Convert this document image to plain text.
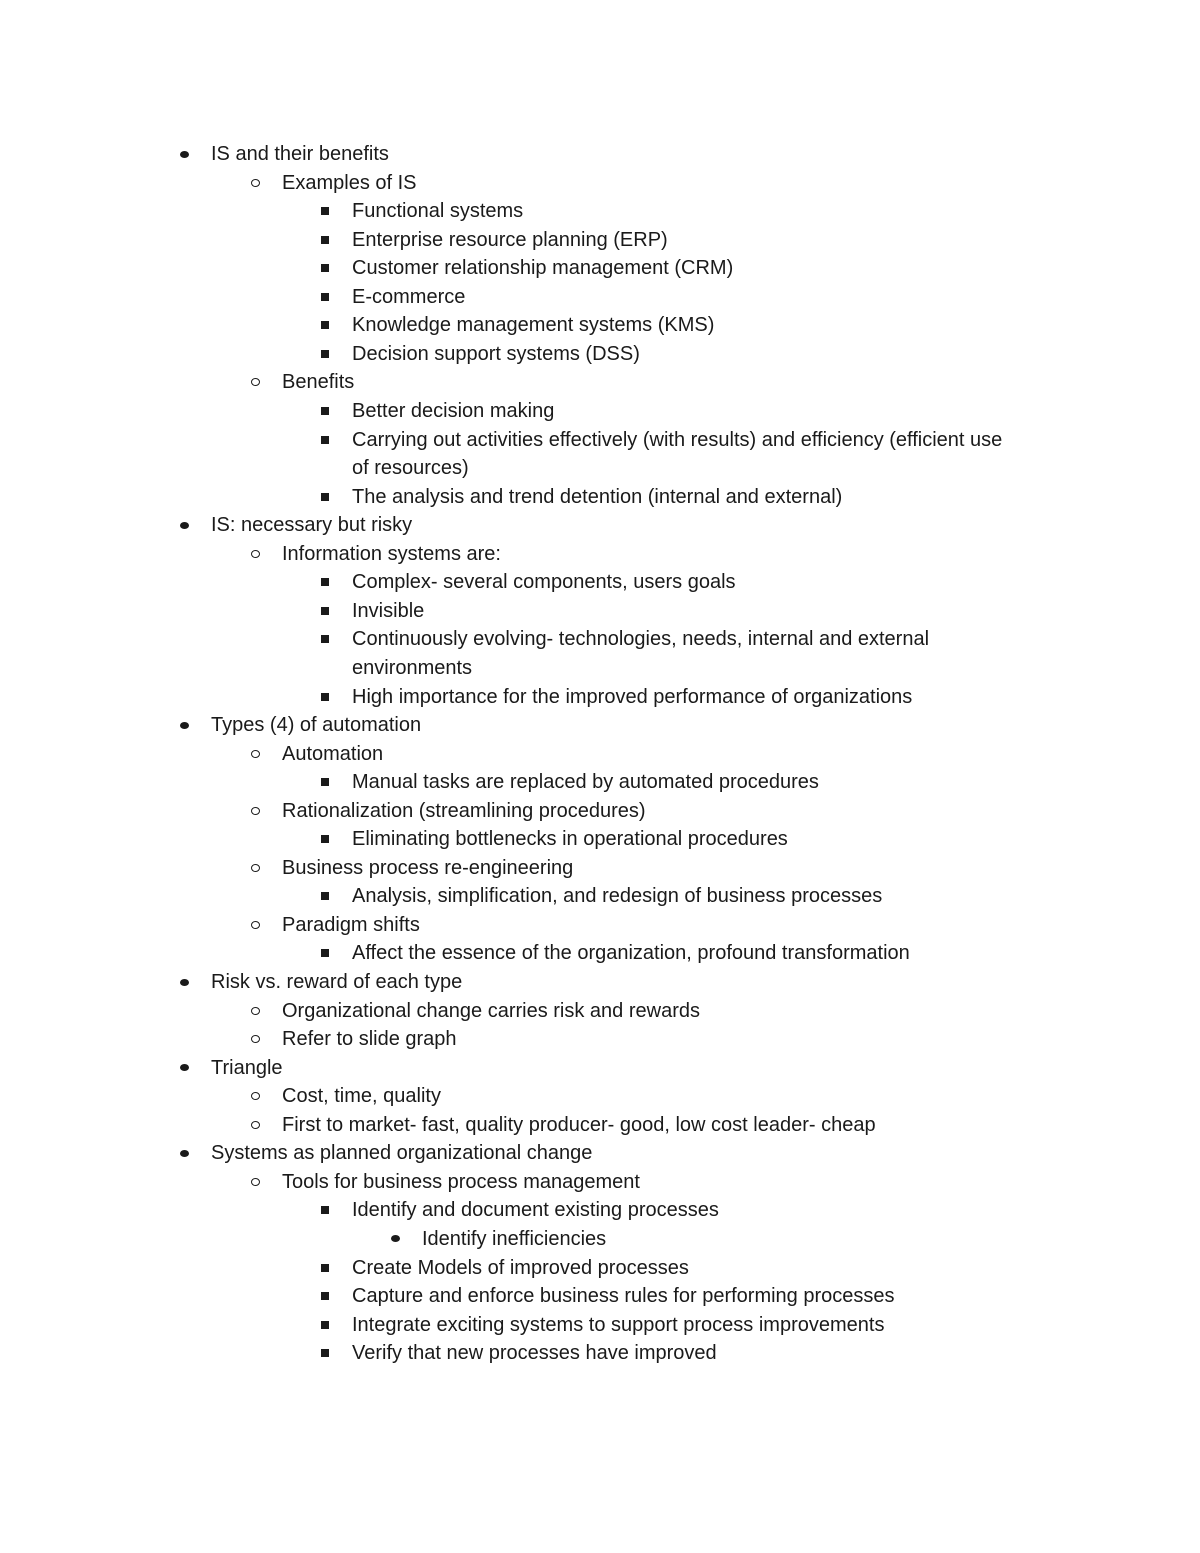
IS and their benefits
Examples of IS
Functional systems
Enterprise resource planning (ERP)
Customer relationship management (CRM)
E-commerce
Knowledge management systems (KMS)
Decision support systems (DSS)
Benefits
Better decision making
Carrying out activities effectively (with results) and efficiency (efficient use
of resources)
The analysis and trend detention (internal and external)
IS: necessary but risky
Information systems are:
Complex- several components, users goals
Invisible
Continuously evolving- technologies, needs, internal and external
environments
High importance for the improved performance of organizations
Types (4) of automation
Automation
Manual tasks are replaced by automated procedures
Rationalization (streamlining procedures)
Eliminating bottlenecks in operational procedures
Business process re-engineering
Analysis, simplification, and redesign of business processes
Paradigm shifts
Affect the essence of the organization, profound transformation
Risk vs. reward of each type
Organizational change carries risk and rewards
Refer to slide graph
Triangle
Cost, time, quality
First to market- fast, quality producer- good, low cost leader- cheap
Systems as planned organizational change
Tools for business process management
Identify and document existing processes
Identify inefficiencies
Create Models of improved processes
Capture and enforce business rules for performing processes
Integrate exciting systems to support process improvements
Verify that new processes have improved
